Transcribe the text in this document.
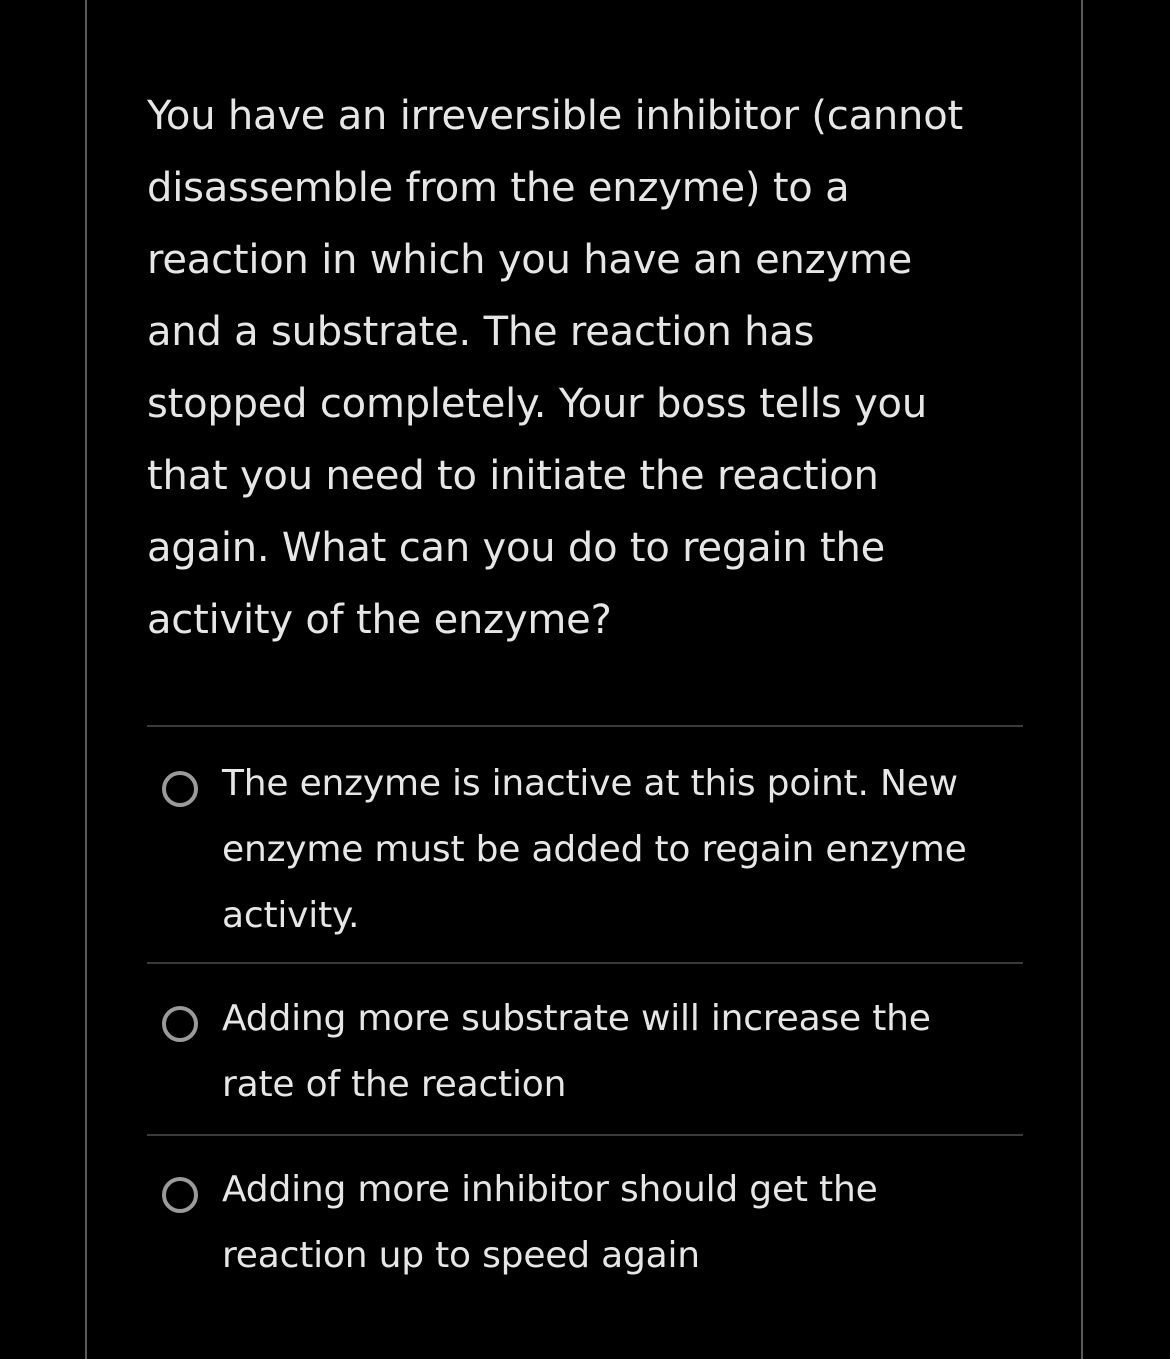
You have an irreversible inhibitor (cannot
disassemble from the enzyme) to a
reaction in which you have an enzyme
and a substrate. The reaction has
stopped completely. Your boss tells you
that you need to initiate the reaction
again. What can you do to regain the
activity of the enzyme?

The enzyme is inactive at this point. New
enzyme must be added to regain enzyme
activity.
Adding more substrate will increase the
rate of the reaction
Adding more inhibitor should get the
reaction up to speed again
